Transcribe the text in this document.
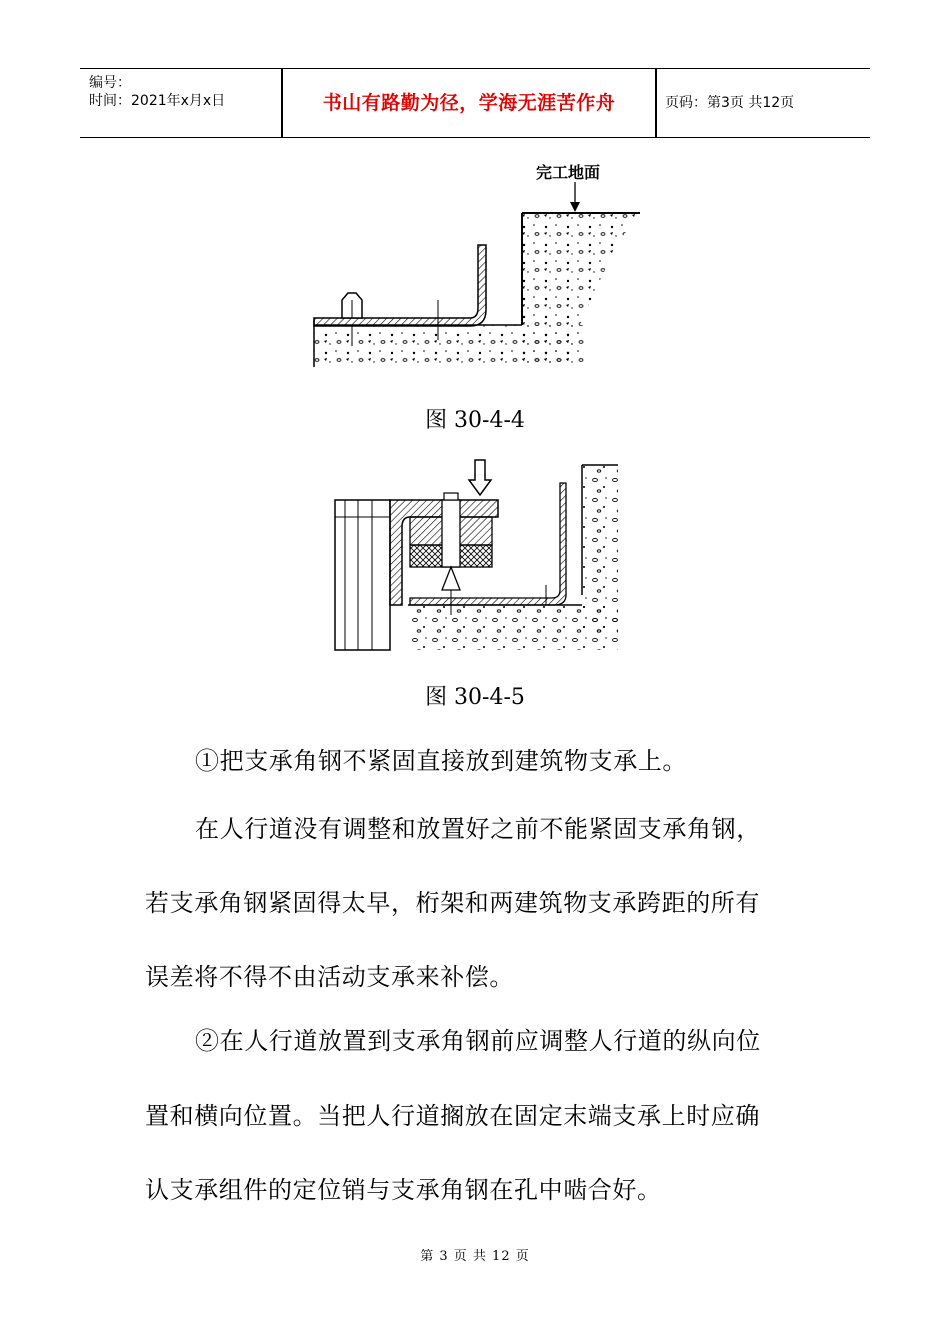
编号：
时间：2021年x月x日	书山有路勤为径，学海无涯苦作舟	页码：第3页 共12页
完工地面
图 30-4-4
图 30-4-5
①把支承角钢不紧固直接放到建筑物支承上。
在人行道没有调整和放置好之前不能紧固支承角钢，
若支承角钢紧固得太早，桁架和两建筑物支承跨距的所有
误差将不得不由活动支承来补偿。
②在人行道放置到支承角钢前应调整人行道的纵向位
置和横向位置。当把人行道搁放在固定末端支承上时应确
认支承组件的定位销与支承角钢在孔中啮合好。
第 3 页 共 12 页
